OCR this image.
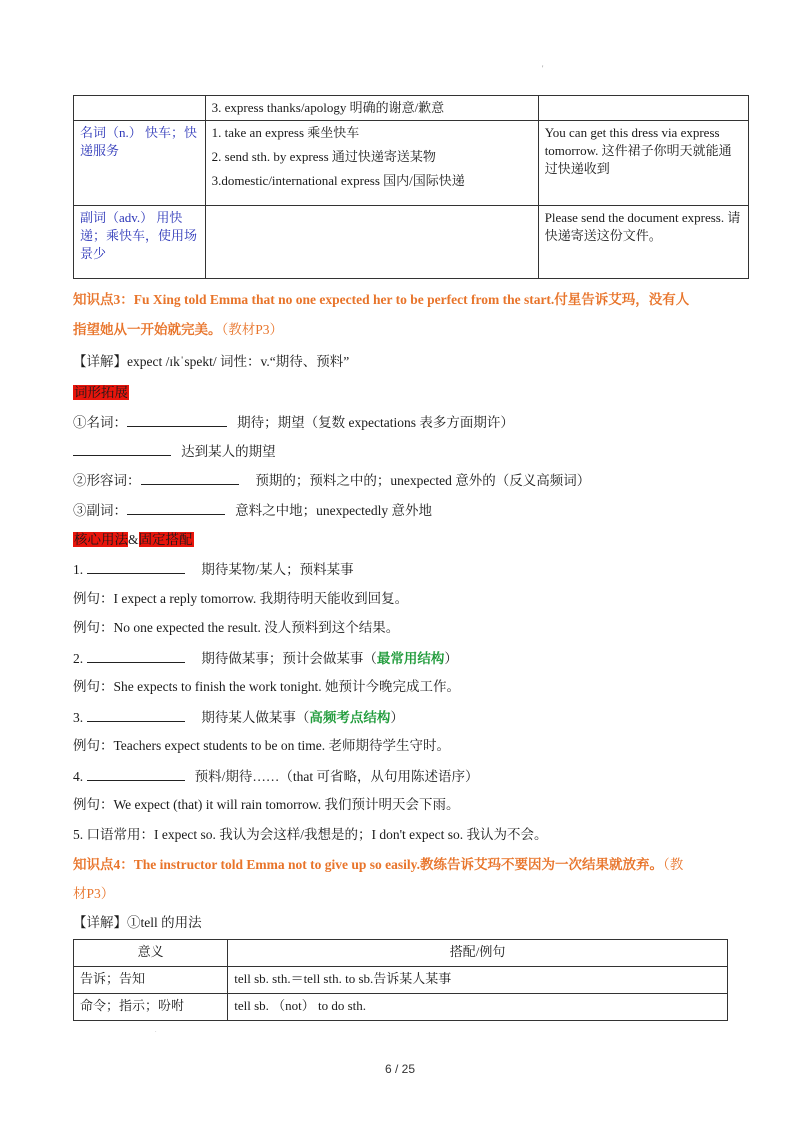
'
	3. express thanks/apology 明确的谢意/歉意	
名词（n.） 快车；快递服务	1. take an express 乘坐快车
2. send sth. by express 通过快递寄送某物
3.domestic/international express 国内/国际快递	You can get this dress via express tomorrow. 这件裙子你明天就能通过快递收到
副词（adv.） 用快递；乘快车，使用场景少		Please send the document express. 请快递寄送这份文件。
知识点3：Fu Xing told Emma that no one expected her to be perfect from the start.付星告诉艾玛，没有人
指望她从一开始就完美。（教材P3）
【详解】expect /ɪkˈspekt/ 词性：v.“期待、预料”
词形拓展
①名词：	期待；期望（复数 expectations 表多方面期许）
达到某人的期望
②形容词：	预期的；预料之中的；unexpected 意外的（反义高频词）
③副词：	意料之中地；unexpectedly 意外地
核心用法&固定搭配
1.	期待某物/某人；预料某事
例句：I expect a reply tomorrow. 我期待明天能收到回复。
例句：No one expected the result. 没人预料到这个结果。
2.	期待做某事；预计会做某事（最常用结构）
例句：She expects to finish the work tonight. 她预计今晚完成工作。
3.	期待某人做某事（高频考点结构）
例句：Teachers expect students to be on time. 老师期待学生守时。
4.	预料/期待……（that 可省略，从句用陈述语序）
例句：We expect (that) it will rain tomorrow. 我们预计明天会下雨。
5. 口语常用：I expect so. 我认为会这样/我想是的；I don't expect so. 我认为不会。
知识点4：The instructor told Emma not to give up so easily.教练告诉艾玛不要因为一次结果就放弃。（教
材P3）
【详解】①tell 的用法
意义	搭配/例句
告诉；告知	tell sb. sth.＝tell sth. to sb.告诉某人某事
命令；指示；吩咐	tell sb. （not） to do sth.
.
6 / 25
